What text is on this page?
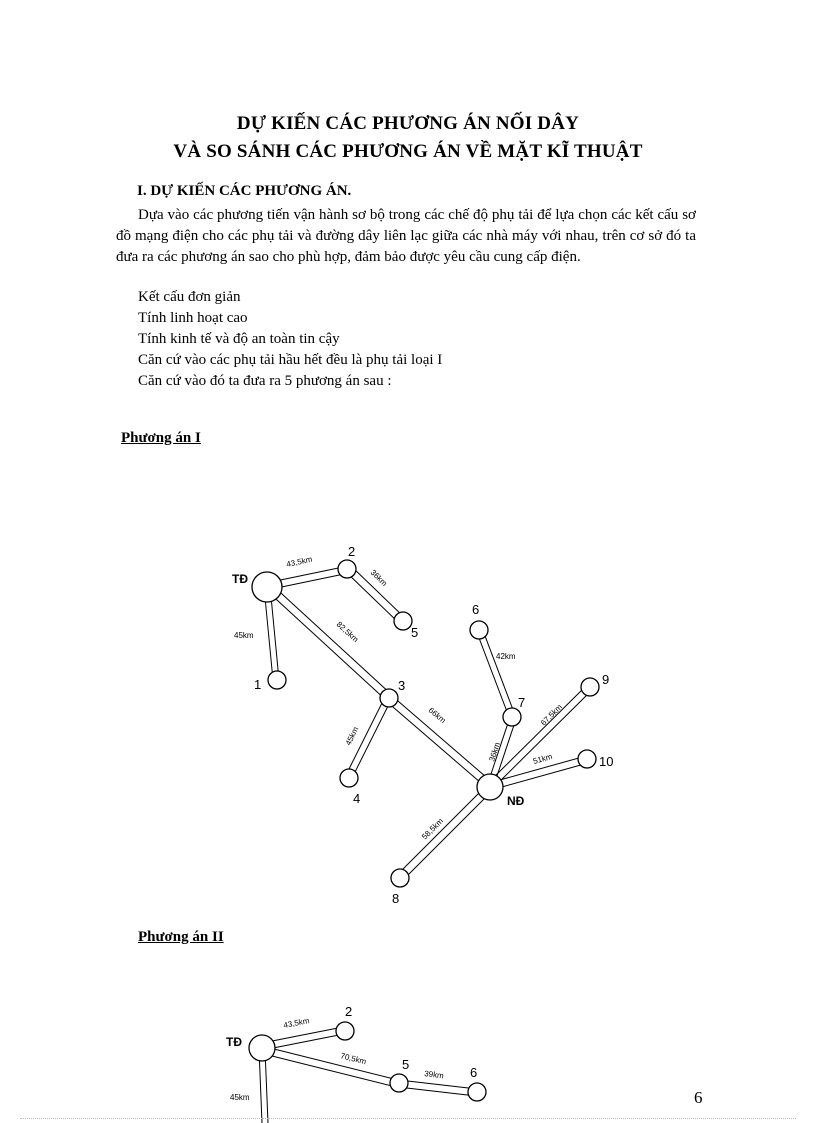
DỰ KIẾN CÁC PHƯƠNG ÁN NỐI DÂY
VÀ SO SÁNH CÁC PHƯƠNG ÁN VỀ MẶT KĨ THUẬT
I. DỰ KIẾN CÁC PHƯƠNG ÁN.
Dựa vào các phương tiến vận hành sơ bộ trong các chế độ phụ tải để lựa chọn các kết cấu sơ đồ mạng điện cho các phụ tải và đường dây liên lạc giữa các nhà máy với nhau, trên cơ sở đó ta đưa ra các phương án sao cho phù hợp, đảm bảo được yêu cầu cung cấp điện.
Kết cấu đơn giản
Tính linh hoạt cao
Tính kinh tế và độ an toàn tin cậy
Căn cứ vào các phụ tải hầu hết đều là phụ tải loại I
Căn cứ vào đó ta đưa ra 5 phương án sau :
Phương án I
Phương án II
TĐ
2
5
1	3
4
6
7
9
10
8
NĐ
43,5km
36km
45km	82,5km
45km
66km
42km
36km
67,5km
51km
58,5km
TĐ
2
5
6
43,5km
70,5km
39km
45km	6
